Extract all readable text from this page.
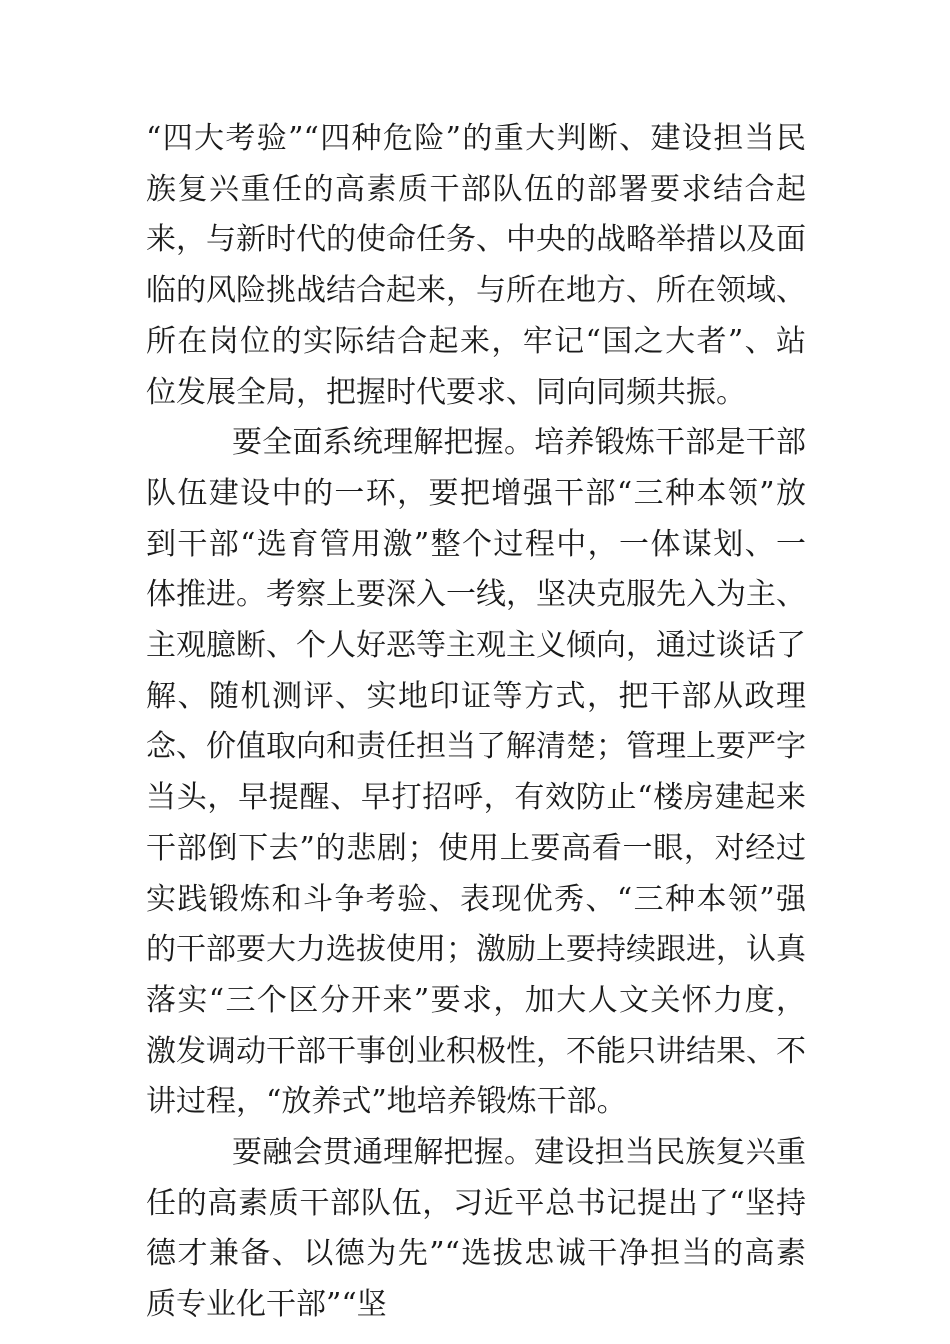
“四大考验”“四种危险”的重大判断、建设担当民族复兴重任的高素质干部队伍的部署要求结合起来，与新时代的使命任务、中央的战略举措以及面临的风险挑战结合起来，与所在地方、所在领域、所在岗位的实际结合起来，牢记“国之大者”、站位发展全局，把握时代要求、同向同频共振。

要全面系统理解把握。培养锻炼干部是干部队伍建设中的一环，要把增强干部“三种本领”放到干部“选育管用激”整个过程中，一体谋划、一体推进。考察上要深入一线，坚决克服先入为主、主观臆断、个人好恶等主观主义倾向，通过谈话了解、随机测评、实地印证等方式，把干部从政理念、价值取向和责任担当了解清楚；管理上要严字当头，早提醒、早打招呼，有效防止“楼房建起来干部倒下去”的悲剧；使用上要高看一眼，对经过实践锻炼和斗争考验、表现优秀、“三种本领”强的干部要大力选拔使用；激励上要持续跟进，认真落实“三个区分开来”要求，加大人文关怀力度，激发调动干部干事创业积极性，不能只讲结果、不讲过程，“放养式”地培养锻炼干部。

要融会贯通理解把握。建设担当民族复兴重任的高素质干部队伍，习近平总书记提出了“坚持德才兼备、以德为先”“选拔忠诚干净担当的高素质专业化干部”“坚
